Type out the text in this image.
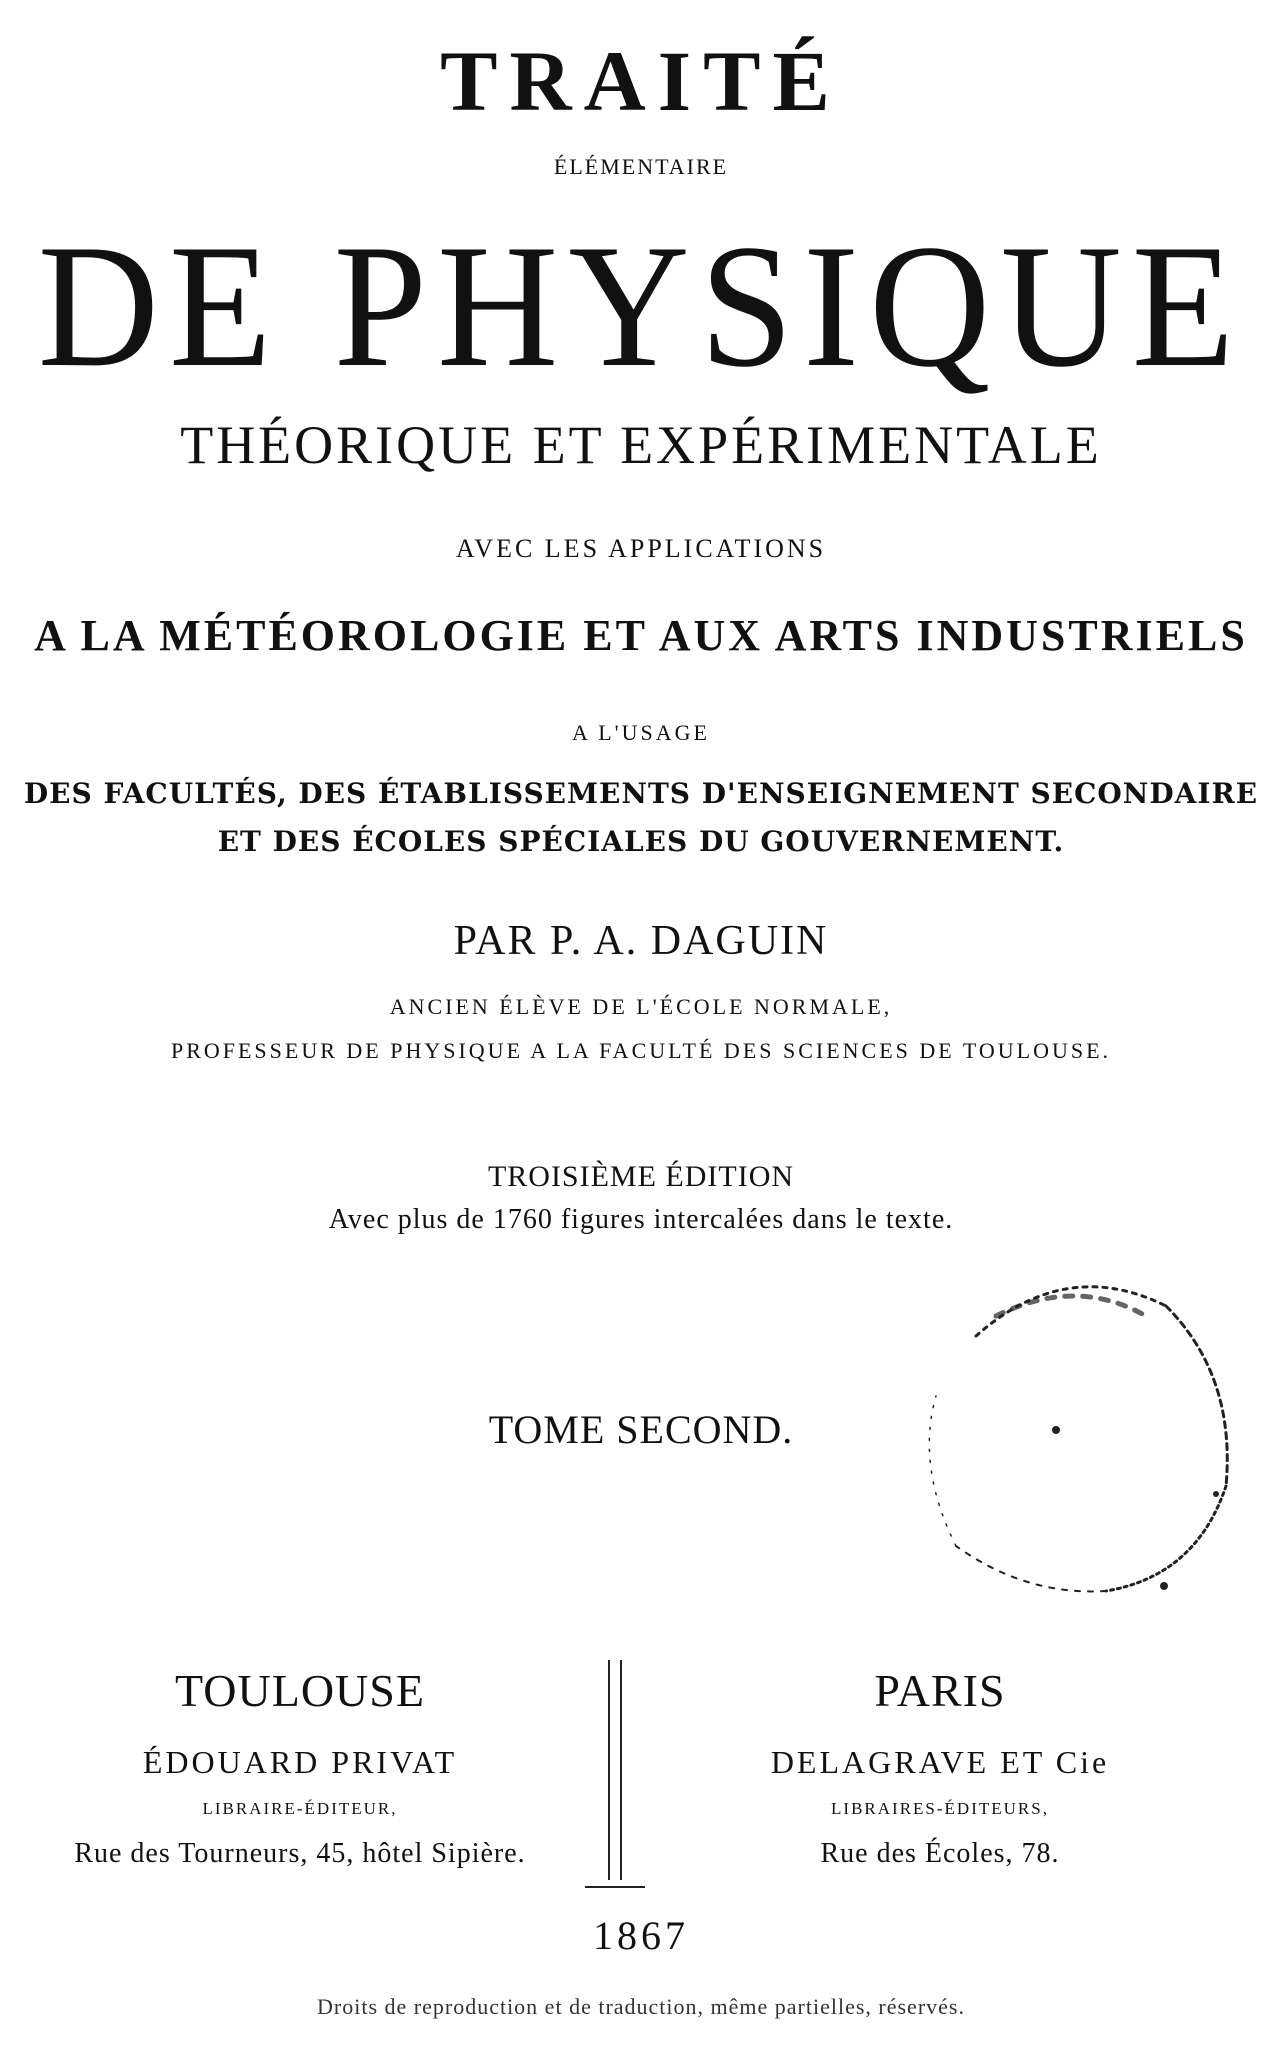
TRAITÉ
ÉLÉMENTAIRE
DE PHYSIQUE
THÉORIQUE ET EXPÉRIMENTALE
AVEC LES APPLICATIONS
A LA MÉTÉOROLOGIE ET AUX ARTS INDUSTRIELS
A L'USAGE
DES FACULTÉS, DES ÉTABLISSEMENTS D'ENSEIGNEMENT SECONDAIRE
ET DES ÉCOLES SPÉCIALES DU GOUVERNEMENT.
PAR P. A. DAGUIN
ANCIEN ÉLÈVE DE L'ÉCOLE NORMALE,
PROFESSEUR DE PHYSIQUE A LA FACULTÉ DES SCIENCES DE TOULOUSE.
TROISIÈME ÉDITION
Avec plus de 1760 figures intercalées dans le texte.
TOME SECOND.
TOULOUSE
ÉDOUARD PRIVAT
LIBRAIRE-ÉDITEUR,
Rue des Tourneurs, 45, hôtel Sipière.
PARIS
DELAGRAVE ET Cie
LIBRAIRES-ÉDITEURS,
Rue des Écoles, 78.
1867
Droits de reproduction et de traduction, même partielles, réservés.
